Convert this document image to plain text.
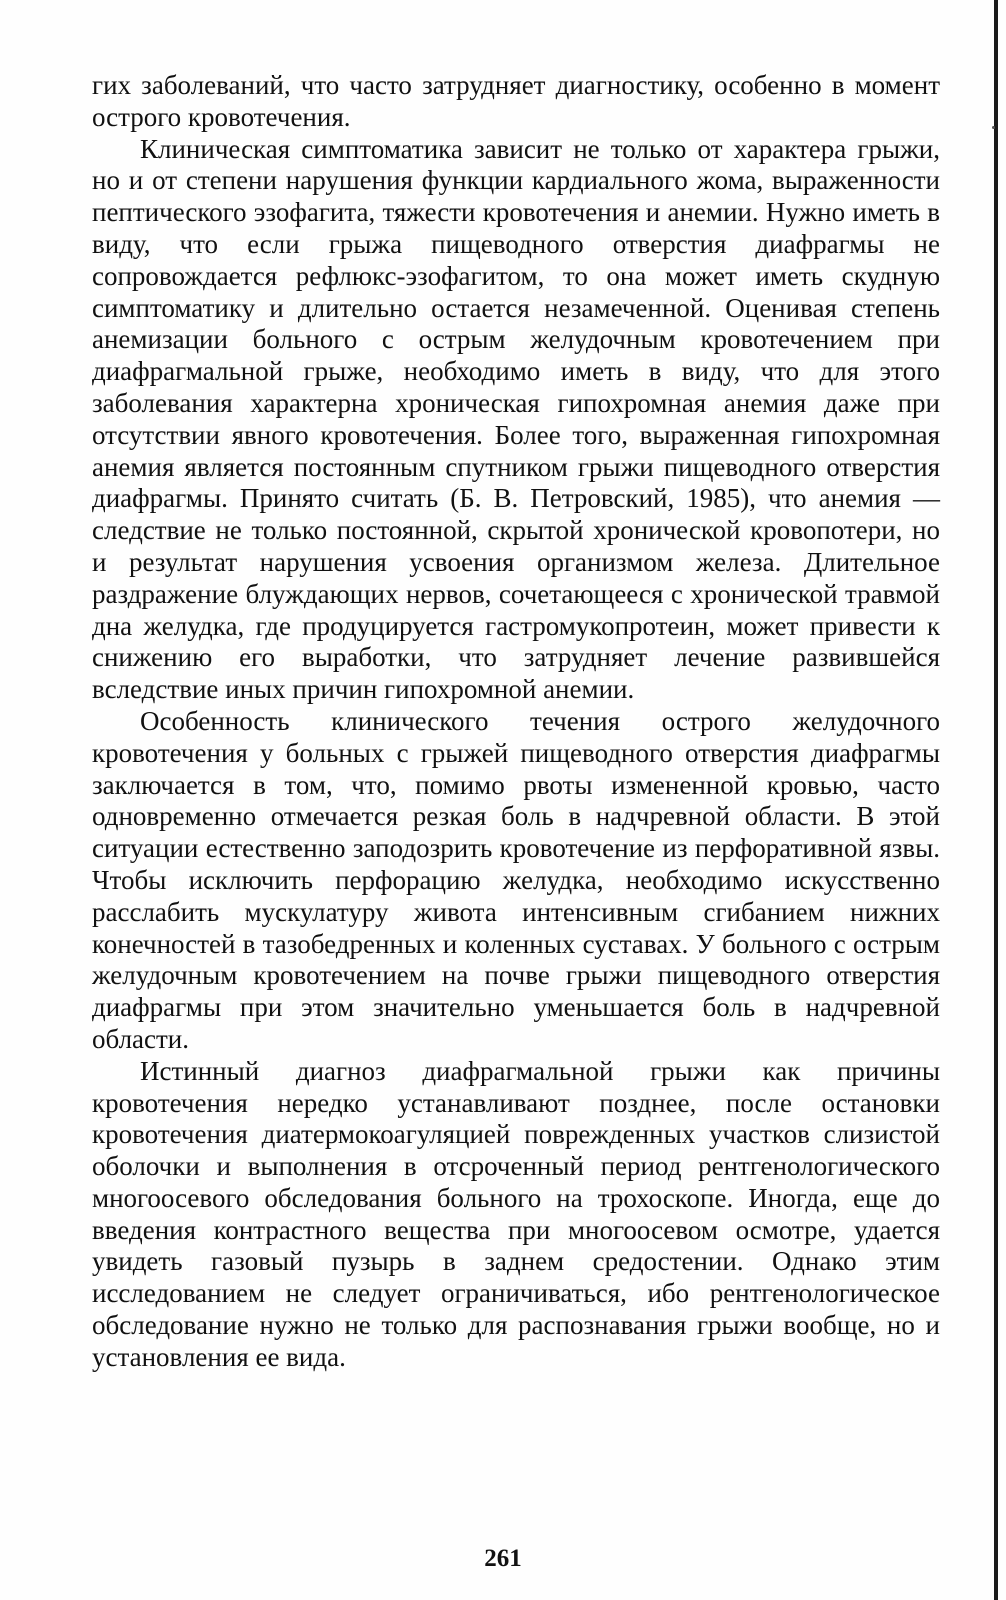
гих заболеваний, что часто затрудняет диагностику, особенно в момент острого кровотечения.

Клиническая симптоматика зависит не только от характера грыжи, но и от степени нарушения функции кардиального жома, выраженности пептического эзофагита, тяжести кровотечения и анемии. Нужно иметь в виду, что если грыжа пищеводного отверстия диафрагмы не сопровождается рефлюкс-эзофагитом, то она может иметь скудную симптоматику и длительно остается незамеченной. Оценивая степень анемизации больного с острым желудочным кровотечением при диафрагмальной грыже, необходимо иметь в виду, что для этого заболевания характерна хроническая гипохромная анемия даже при отсутствии явного кровотечения. Более того, выраженная гипохромная анемия является постоянным спутником грыжи пищеводного отверстия диафрагмы. Принято считать (Б. В. Петровский, 1985), что анемия — следствие не только постоянной, скрытой хронической кровопотери, но и результат нарушения усвоения организмом железа. Длительное раздражение блуждающих нервов, сочетающееся с хронической травмой дна желудка, где продуцируется гастромукопротеин, может привести к снижению его выработки, что затрудняет лечение развившейся вследствие иных причин гипохромной анемии.

Особенность клинического течения острого желудочного кровотечения у больных с грыжей пищеводного отверстия диафрагмы заключается в том, что, помимо рвоты измененной кровью, часто одновременно отмечается резкая боль в надчревной области. В этой ситуации естественно заподозрить кровотечение из перфоративной язвы. Чтобы исключить перфорацию желудка, необходимо искусственно расслабить мускулатуру живота интенсивным сгибанием нижних конечностей в тазобедренных и коленных суставах. У больного с острым желудочным кровотечением на почве грыжи пищеводного отверстия диафрагмы при этом значительно уменьшается боль в надчревной области.

Истинный диагноз диафрагмальной грыжи как причины кровотечения нередко устанавливают позднее, после остановки кровотечения диатермокоагуляцией поврежденных участков слизистой оболочки и выполнения в отсроченный период рентгенологического многоосевого обследования больного на трохоскопе. Иногда, еще до введения контрастного вещества при многоосевом осмотре, удается увидеть газовый пузырь в заднем средостении. Однако этим исследованием не следует ограничиваться, ибо рентгенологическое обследование нужно не только для распознавания грыжи вообще, но и установления ее вида.

261
